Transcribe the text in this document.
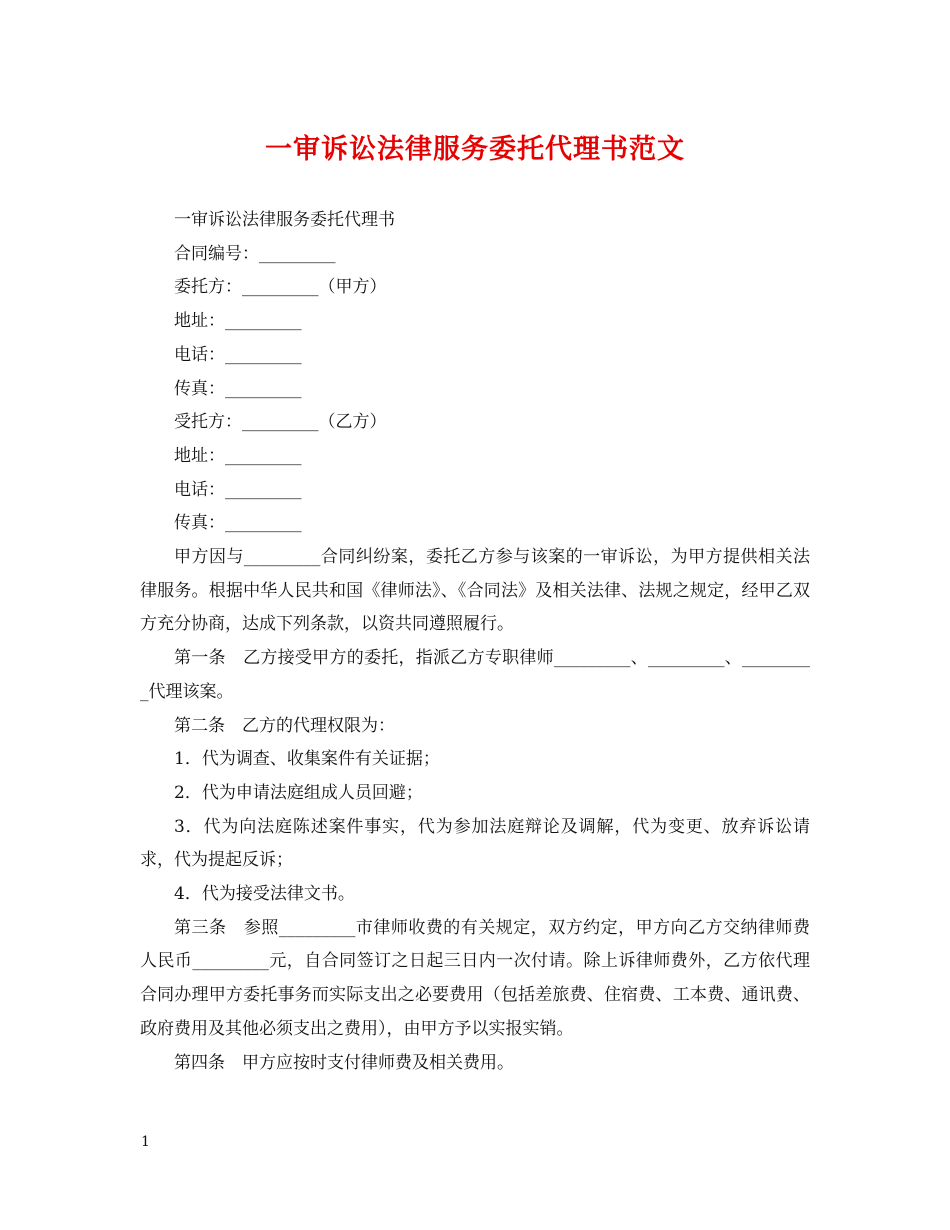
一审诉讼法律服务委托代理书范文

一审诉讼法律服务委托代理书

合同编号：_________

委托方：_________（甲方）

地址：_________

电话：_________

传真：_________

受托方：_________（乙方）

地址：_________

电话：_________

传真：_________

甲方因与_________合同纠纷案，委托乙方参与该案的一审诉讼，为甲方提供相关法律服务。根据中华人民共和国《律师法》、《合同法》及相关法律、法规之规定，经甲乙双方充分协商，达成下列条款，以资共同遵照履行。

第一条　乙方接受甲方的委托，指派乙方专职律师_________、_________、_________代理该案。

第二条　乙方的代理权限为：

1．代为调查、收集案件有关证据；

2．代为申请法庭组成人员回避；

3．代为向法庭陈述案件事实，代为参加法庭辩论及调解，代为变更、放弃诉讼请求，代为提起反诉；

4．代为接受法律文书。

第三条　参照_________市律师收费的有关规定，双方约定，甲方向乙方交纳律师费人民币_________元，自合同签订之日起三日内一次付请。除上诉律师费外，乙方依代理合同办理甲方委托事务而实际支出之必要费用（包括差旅费、住宿费、工本费、通讯费、政府费用及其他必须支出之费用），由甲方予以实报实销。

第四条　甲方应按时支付律师费及相关费用。

1
